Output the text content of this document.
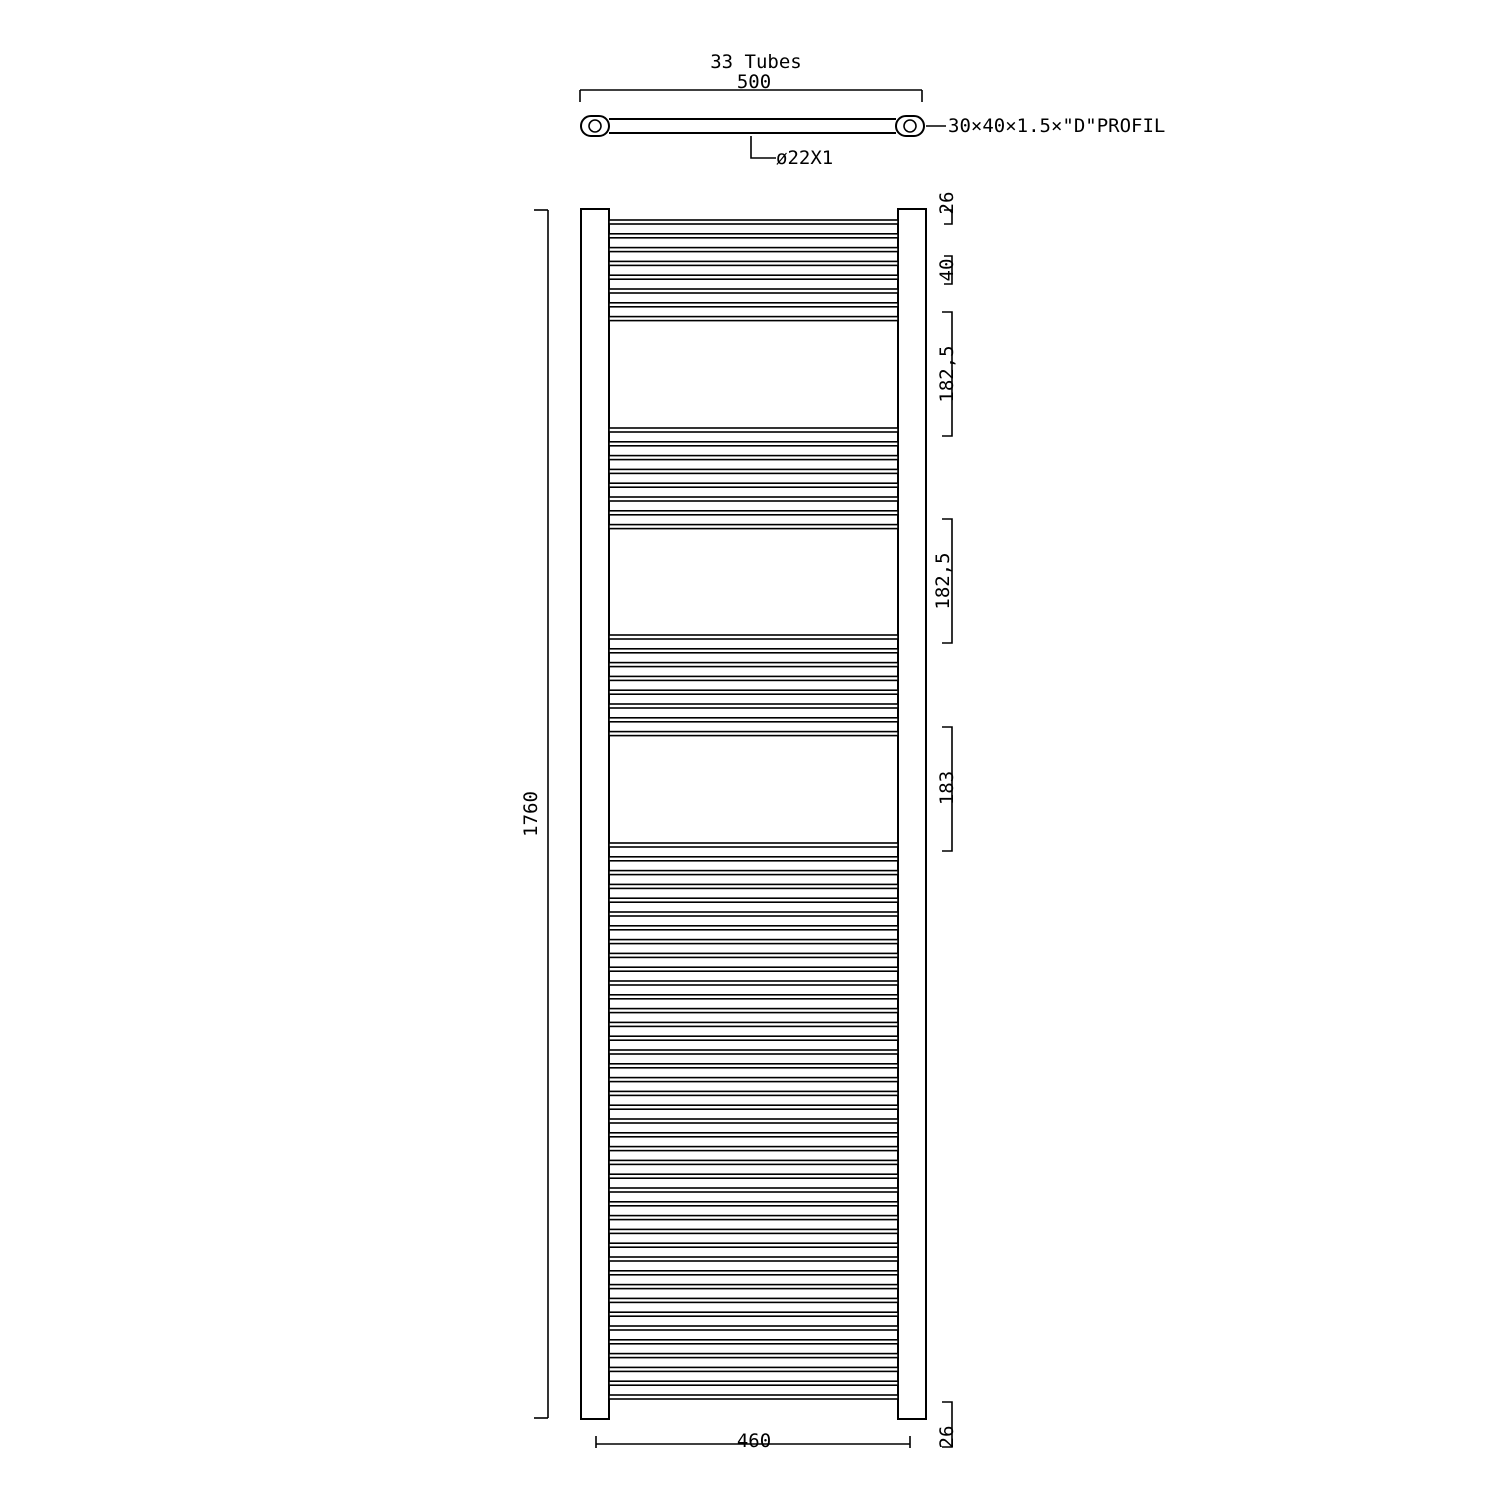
33 Tubes
500
30×40×1.5×"D"PROFIL
ø22X1
1760
26
40
182,5
182,5
183
26
460
